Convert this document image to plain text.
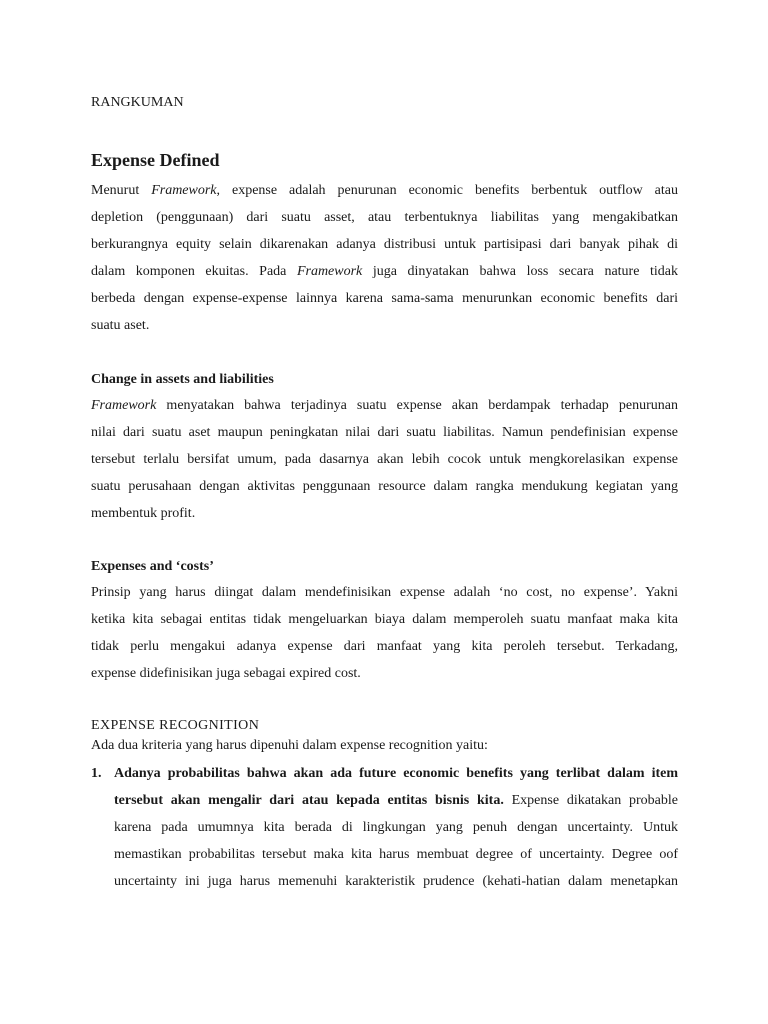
RANGKUMAN
Expense Defined
Menurut Framework, expense adalah penurunan economic benefits berbentuk outflow atau
depletion (penggunaan) dari suatu asset, atau terbentuknya liabilitas yang mengakibatkan
berkurangnya equity selain dikarenakan adanya distribusi untuk partisipasi dari banyak pihak di
dalam komponen ekuitas. Pada Framework juga dinyatakan bahwa loss secara nature tidak
berbeda dengan expense-expense lainnya karena sama-sama menurunkan economic benefits dari
suatu aset.
Change in assets and liabilities
Framework menyatakan bahwa terjadinya suatu expense akan berdampak terhadap penurunan
nilai dari suatu aset maupun peningkatan nilai dari suatu liabilitas. Namun pendefinisian expense
tersebut terlalu bersifat umum, pada dasarnya akan lebih cocok untuk mengkorelasikan expense
suatu perusahaan dengan aktivitas penggunaan resource dalam rangka mendukung kegiatan yang
membentuk profit.
Expenses and ‘costs’
Prinsip yang harus diingat dalam mendefinisikan expense adalah ‘no cost, no expense’. Yakni
ketika kita sebagai entitas tidak mengeluarkan biaya dalam memperoleh suatu manfaat maka kita
tidak perlu mengakui adanya expense dari manfaat yang kita peroleh tersebut. Terkadang,
expense didefinisikan juga sebagai expired cost.
EXPENSE RECOGNITION
Ada dua kriteria yang harus dipenuhi dalam expense recognition yaitu:
1. Adanya probabilitas bahwa akan ada future economic benefits yang terlibat dalam item
tersebut akan mengalir dari atau kepada entitas bisnis kita. Expense dikatakan probable
karena pada umumnya kita berada di lingkungan yang penuh dengan uncertainty. Untuk
memastikan probabilitas tersebut maka kita harus membuat degree of uncertainty. Degree oof
uncertainty ini juga harus memenuhi karakteristik prudence (kehati-hatian dalam menetapkan
